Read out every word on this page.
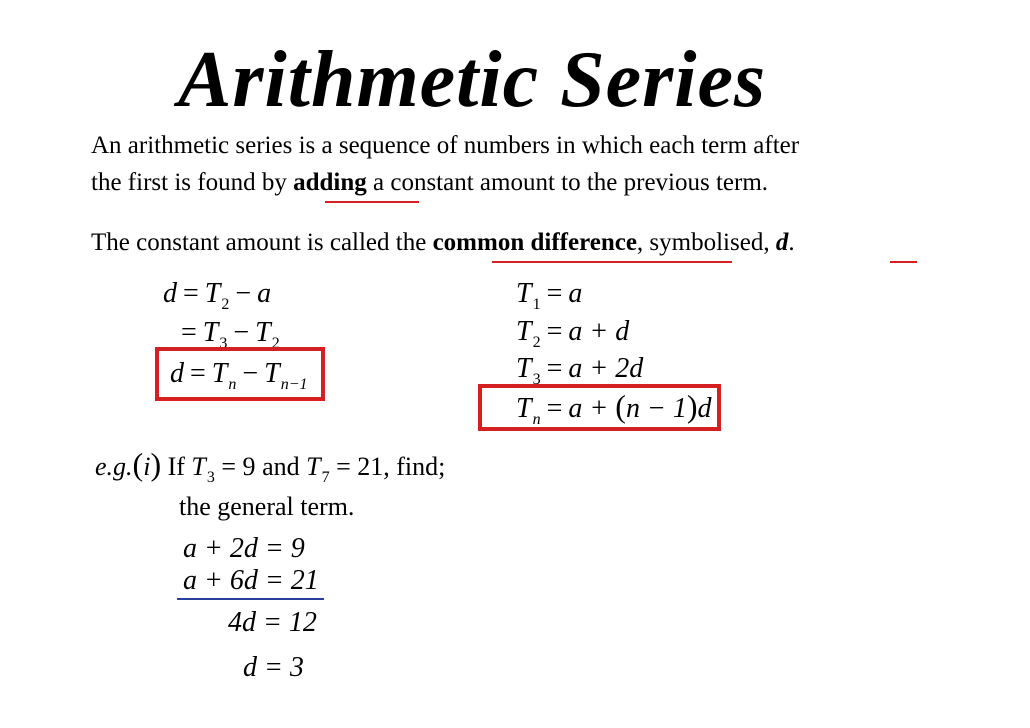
Arithmetic Series
An arithmetic series is a sequence of numbers in which each term after
the first is found by adding a constant amount to the previous term.
The constant amount is called the common difference, symbolised, d.
$d = T_2 - a$
= $T_3 - T_2$
$d = T_n - T_{n-1}$
$T_1 = a$
$T_2 = a + d$
$T_3 = a + 2d$
$T_n = a + (n - 1)d$
e.g.(i) If $T_3 = 9$ and $T_7 = 21$, find;
the general term.
a + 2d = 9
a + 6d = 21
4d = 12
d = 3
